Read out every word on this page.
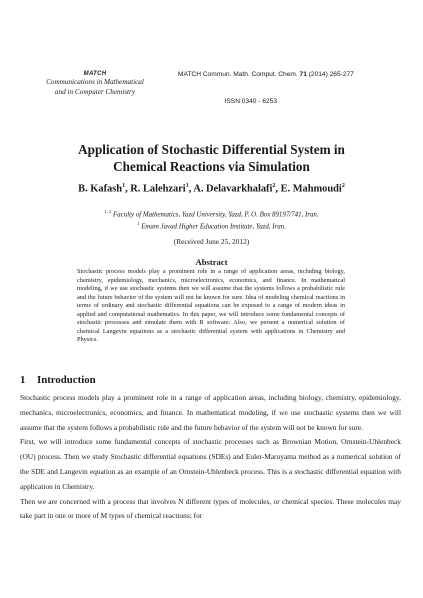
MATCH
Communications in Mathematical
and in Computer Chemistry
MATCH Commun. Math. Comput. Chem. 71 (2014) 265-277
ISSN 0340 - 6253
Application of Stochastic Differential System in
Chemical Reactions via Simulation
B. Kafash$^1$, R. Lalehzari$^1$, A. Delavarkhalafi$^2$, E. Mahmoudi$^2$
$^{1, 2}$ Faculty of Mathematics, Yazd University, Yazd, P. O. Box 89197/741, Iran.
$^1$ Emam Javad Higher Education Institute, Yazd, Iran.
(Received June 25, 2012)
Abstract
Stochastic process models play a prominent role in a range of application areas, including biology, chemistry, epidemiology, mechanics, microelectronics, economics, and finance. In mathematical modeling, if we use stochastic systems then we will assume that the systems follows a probabilistic rule and the future behavior of the system will not be known for sure. Idea of modeling chemical reactions in terms of ordinary and stochastic differential equations can be exposed to a range of modern ideas in applied and computational mathematics. In this paper, we will introduce some fundamental concepts of stochastic processes and simulate them with R software. Also, we persent a numerical solution of chemical Langevin equations as a stochastic differential system with applications in Chemistry and Physics.
1 Introduction

Stochastic process models play a prominent role in a range of application areas, including biology, chemistry, epidemiology, mechanics, microelectronics, economics, and finance. In mathematical modeling, if we use stochastic systems then we will assume that the system follows a probabilistic rule and the future behavior of the system will not be known for sure.

First, we will introduce some fundamental concepts of stochastic processes such as Brownian Motion, Ornstein-Uhlenbeck (OU) process. Then we study Stochastic differential equations (SDEs) and Euler-Maruyama method as a numerical solution of the SDE and Langevin equation as an example of an Ornstein-Uhlenbeck process. This is a stochastic differential equation with application in Chemistry.

Then we are concerned with a process that involves N different types of molecules, or chemical species. These molecules may take part in one or more of M types of chemical reactions; for
